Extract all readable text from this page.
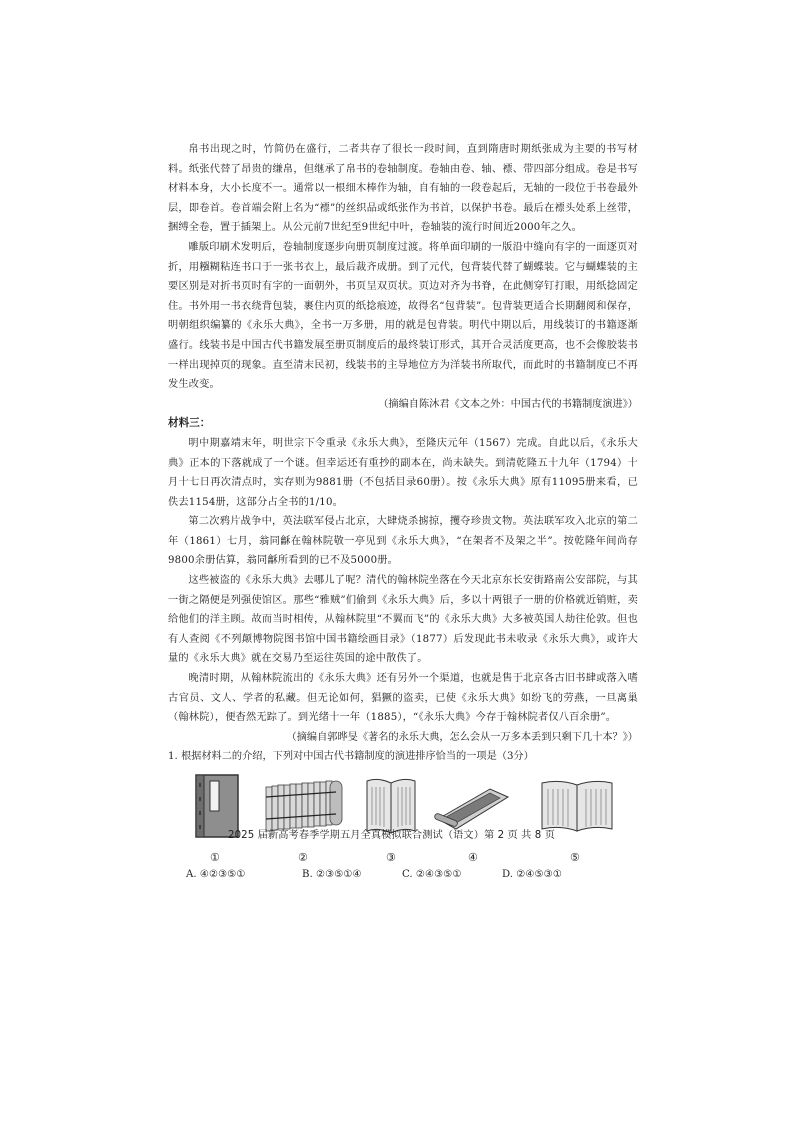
帛书出现之时，竹简仍在盛行，二者共存了很长一段时间，直到隋唐时期纸张成为主要的书写材料。纸张代替了昂贵的缣帛，但继承了帛书的卷轴制度。卷轴由卷、轴、褾、带四部分组成。卷是书写材料本身，大小长度不一。通常以一根细木棒作为轴，自有轴的一段卷起后，无轴的一段位于书卷最外层，即卷首。卷首端会附上名为“褾”的丝织品或纸张作为书首，以保护书卷。最后在褾头处系上丝带，捆缚全卷，置于插架上。从公元前7世纪至9世纪中叶，卷轴装的流行时间近2000年之久。

雕版印刷术发明后，卷轴制度逐步向册页制度过渡。将单面印刷的一版沿中缝向有字的一面逐页对折，用糨糊粘连书口于一张书衣上，最后裁齐成册。到了元代，包背装代替了蝴蝶装。它与蝴蝶装的主要区别是对折书页时有字的一面朝外，书页呈双页状。页边对齐为书脊，在此侧穿钉打眼，用纸捻固定住。书外用一书衣绕背包装，裹住内页的纸捻痕迹，故得名“包背装”。包背装更适合长期翻阅和保存，明朝组织编纂的《永乐大典》，全书一万多册，用的就是包背装。明代中期以后，用线装订的书籍逐渐盛行。线装书是中国古代书籍发展至册页制度后的最终装订形式，其开合灵活度更高，也不会像胶装书一样出现掉页的现象。直至清末民初，线装书的主导地位方为洋装书所取代，而此时的书籍制度已不再发生改变。

（摘编自陈沐君《文本之外：中国古代的书籍制度演进》）

材料三：

明中期嘉靖末年，明世宗下令重录《永乐大典》，至隆庆元年（1567）完成。自此以后，《永乐大典》正本的下落就成了一个谜。但幸运还有重抄的副本在，尚未缺失。到清乾隆五十九年（1794）十月十七日再次清点时，实存则为9881册（不包括目录60册）。按《永乐大典》原有11095册来看，已佚去1154册，这部分占全书的1/10。

第二次鸦片战争中，英法联军侵占北京，大肆烧杀掳掠，攫夺珍贵文物。英法联军攻入北京的第二年（1861）七月，翁同龢在翰林院敬一亭见到《永乐大典》，“在架者不及架之半”。按乾隆年间尚存9800余册估算，翁同龢所看到的已不及5000册。

这些被盗的《永乐大典》去哪儿了呢？清代的翰林院坐落在今天北京东长安街路南公安部院，与其一街之隔便是列强使馆区。那些“雅贼”们偷到《永乐大典》后，多以十两银子一册的价格就近销赃，卖给他们的洋主顾。故而当时相传，从翰林院里“不翼而飞”的《永乐大典》大多被英国人劫往伦敦。但也有人查阅《不列颠博物院图书馆中国书籍绘画目录》（1877）后发现此书未收录《永乐大典》，或许大量的《永乐大典》就在交易乃至运往英国的途中散佚了。

晚清时期，从翰林院流出的《永乐大典》还有另外一个渠道，也就是售于北京各古旧书肆或落入嗜古官员、文人、学者的私藏。但无论如何，猖獗的盗卖，已使《永乐大典》如纷飞的劳燕，一旦离巢（翰林院），便杳然无踪了。到光绪十一年（1885），“《永乐大典》今存于翰林院者仅八百余册”。

（摘编自郭晔旻《著名的永乐大典，怎么会从一万多本丢到只剩下几十本？》）

1. 根据材料二的介绍，下列对中国古代书籍制度的演进排序恰当的一项是（3分）

①	②	③	④	⑤
A. ④②③⑤①	B. ②③⑤①④	C. ②④③⑤①	D. ②④⑤③①
2025 届新高考春季学期五月全真模拟联合测试（语文）第 2 页 共 8 页
